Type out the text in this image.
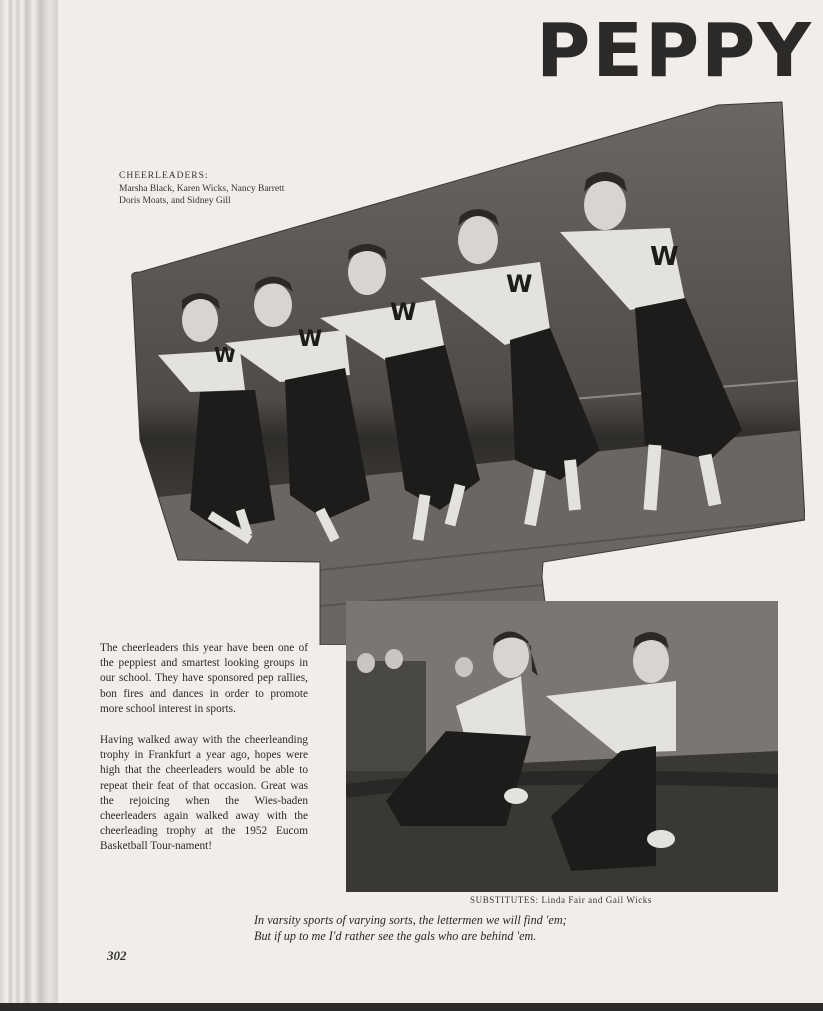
PEPPY
CHEERLEADERS:
Marsha Black, Karen Wicks, Nancy Barrett
Doris Moats, and Sidney Gill
W
W
W
W
W

The cheerleaders this year have been one of the peppiest and smartest looking groups in our school. They have sponsored pep rallies, bon fires and dances in order to promote more school interest in sports.

Having walked away with the cheerleanding trophy in Frankfurt a year ago, hopes were high that the cheerleaders would be able to repeat their feat of that occasion. Great was the rejoicing when the Wies-baden cheerleaders again walked away with the cheerleading trophy at the 1952 Eucom Basketball Tour-nament!

SUBSTITUTES: Linda Fair and Gail Wicks
In varsity sports of varying sorts, the lettermen we will find 'em;
But if up to me I'd rather see the gals who are behind 'em.
302
